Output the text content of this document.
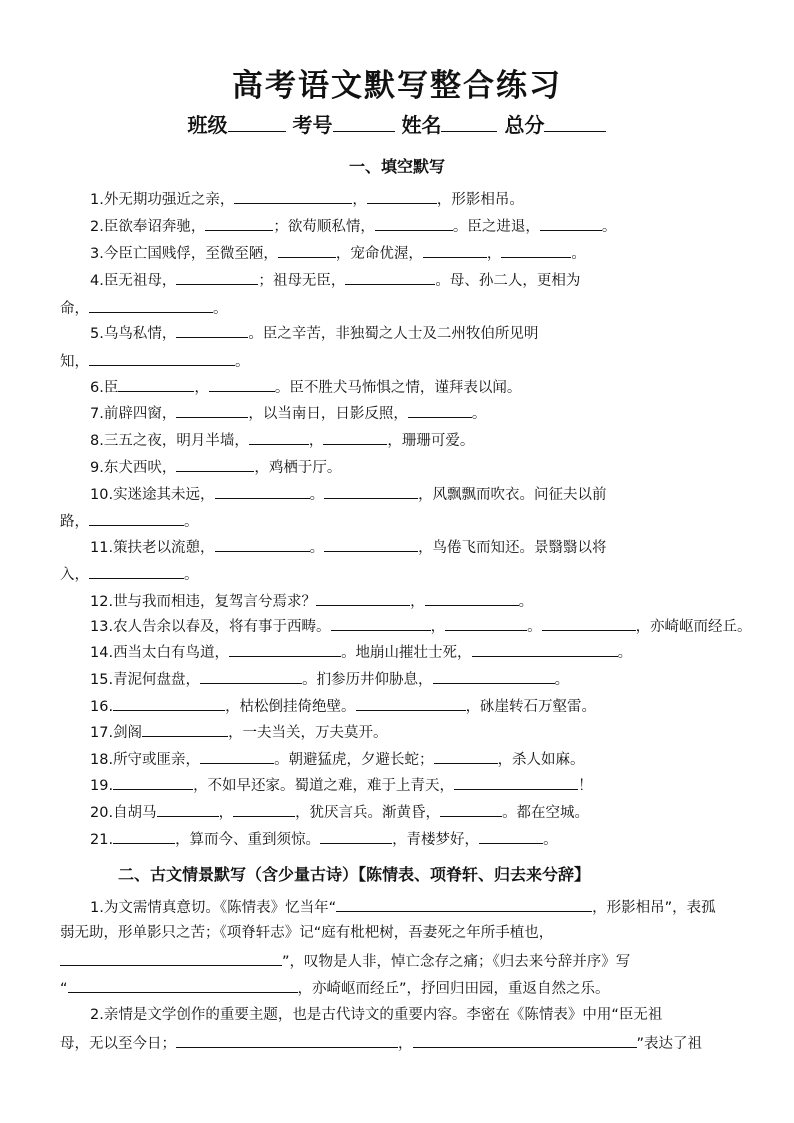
高考语文默写整合练习
班级	考号	姓名	总分
一、填空默写
1.外无期功强近之亲，	，	，形影相吊。
2.臣欲奉诏奔驰，	；欲苟顺私情，	。臣之进退，	。
3.今臣亡国贱俘，至微至陋，	，宠命优渥，	，	。
4.臣无祖母，	；祖母无臣，	。母、孙二人，更相为
命，	。
5.乌鸟私情，	。臣之辛苦，非独蜀之人士及二州牧伯所见明
知，	。
6.臣	，	。臣不胜犬马怖惧之情，谨拜表以闻。
7.前辟四窗，	，以当南日，日影反照，	。
8.三五之夜，明月半墙，	，	，珊珊可爱。
9.东犬西吠，	，鸡栖于厅。
10.实迷途其未远，	。	，风飘飘而吹衣。问征夫以前
路，	。
11.策扶老以流憩，	。	，鸟倦飞而知还。景翳翳以将
入，	。
12.世与我而相违，复驾言兮焉求？	，	。
13.农人告余以春及，将有事于西畴。	，	。	，亦崎岖而经丘。
14.西当太白有鸟道，	。地崩山摧壮士死，	。
15.青泥何盘盘，	。扪参历井仰胁息，	。
16.	，枯松倒挂倚绝壁。	，砯崖转石万壑雷。
17.剑阁	，一夫当关，万夫莫开。
18.所守或匪亲，	。朝避猛虎，夕避长蛇；	，杀人如麻。
19.	，不如早还家。蜀道之难，难于上青天，	！
20.自胡马	，	，犹厌言兵。渐黄昏，	。都在空城。
21.	，算而今、重到须惊。	，青楼梦好，	。
二、古文情景默写（含少量古诗）【陈情表、项脊轩、归去来兮辞】
1.为文需情真意切。《陈情表》忆当年“	，形影相吊”，表孤
弱无助，形单影只之苦；《项脊轩志》记“庭有枇杷树，吾妻死之年所手植也，
”，叹物是人非，悼亡念存之痛；《归去来兮辞并序》写
“	，亦崎岖而经丘”，抒回归田园，重返自然之乐。
2.亲情是文学创作的重要主题，也是古代诗文的重要内容。李密在《陈情表》中用“臣无祖
母，无以至今日；	，	”表达了祖
